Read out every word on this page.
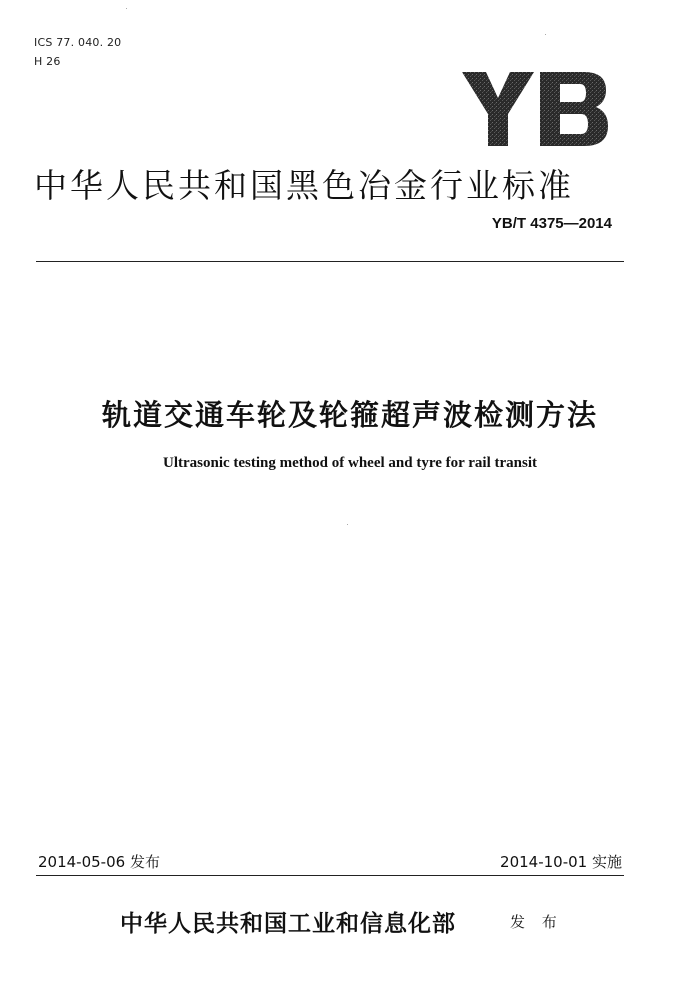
ICS 77. 040. 20
H 26
中华人民共和国黑色冶金行业标准
YB/T 4375—2014
轨道交通车轮及轮箍超声波检测方法
Ultrasonic testing method of wheel and tyre for rail transit
2014-05-06 发布	2014-10-01 实施
中华人民共和国工业和信息化部	发 布
